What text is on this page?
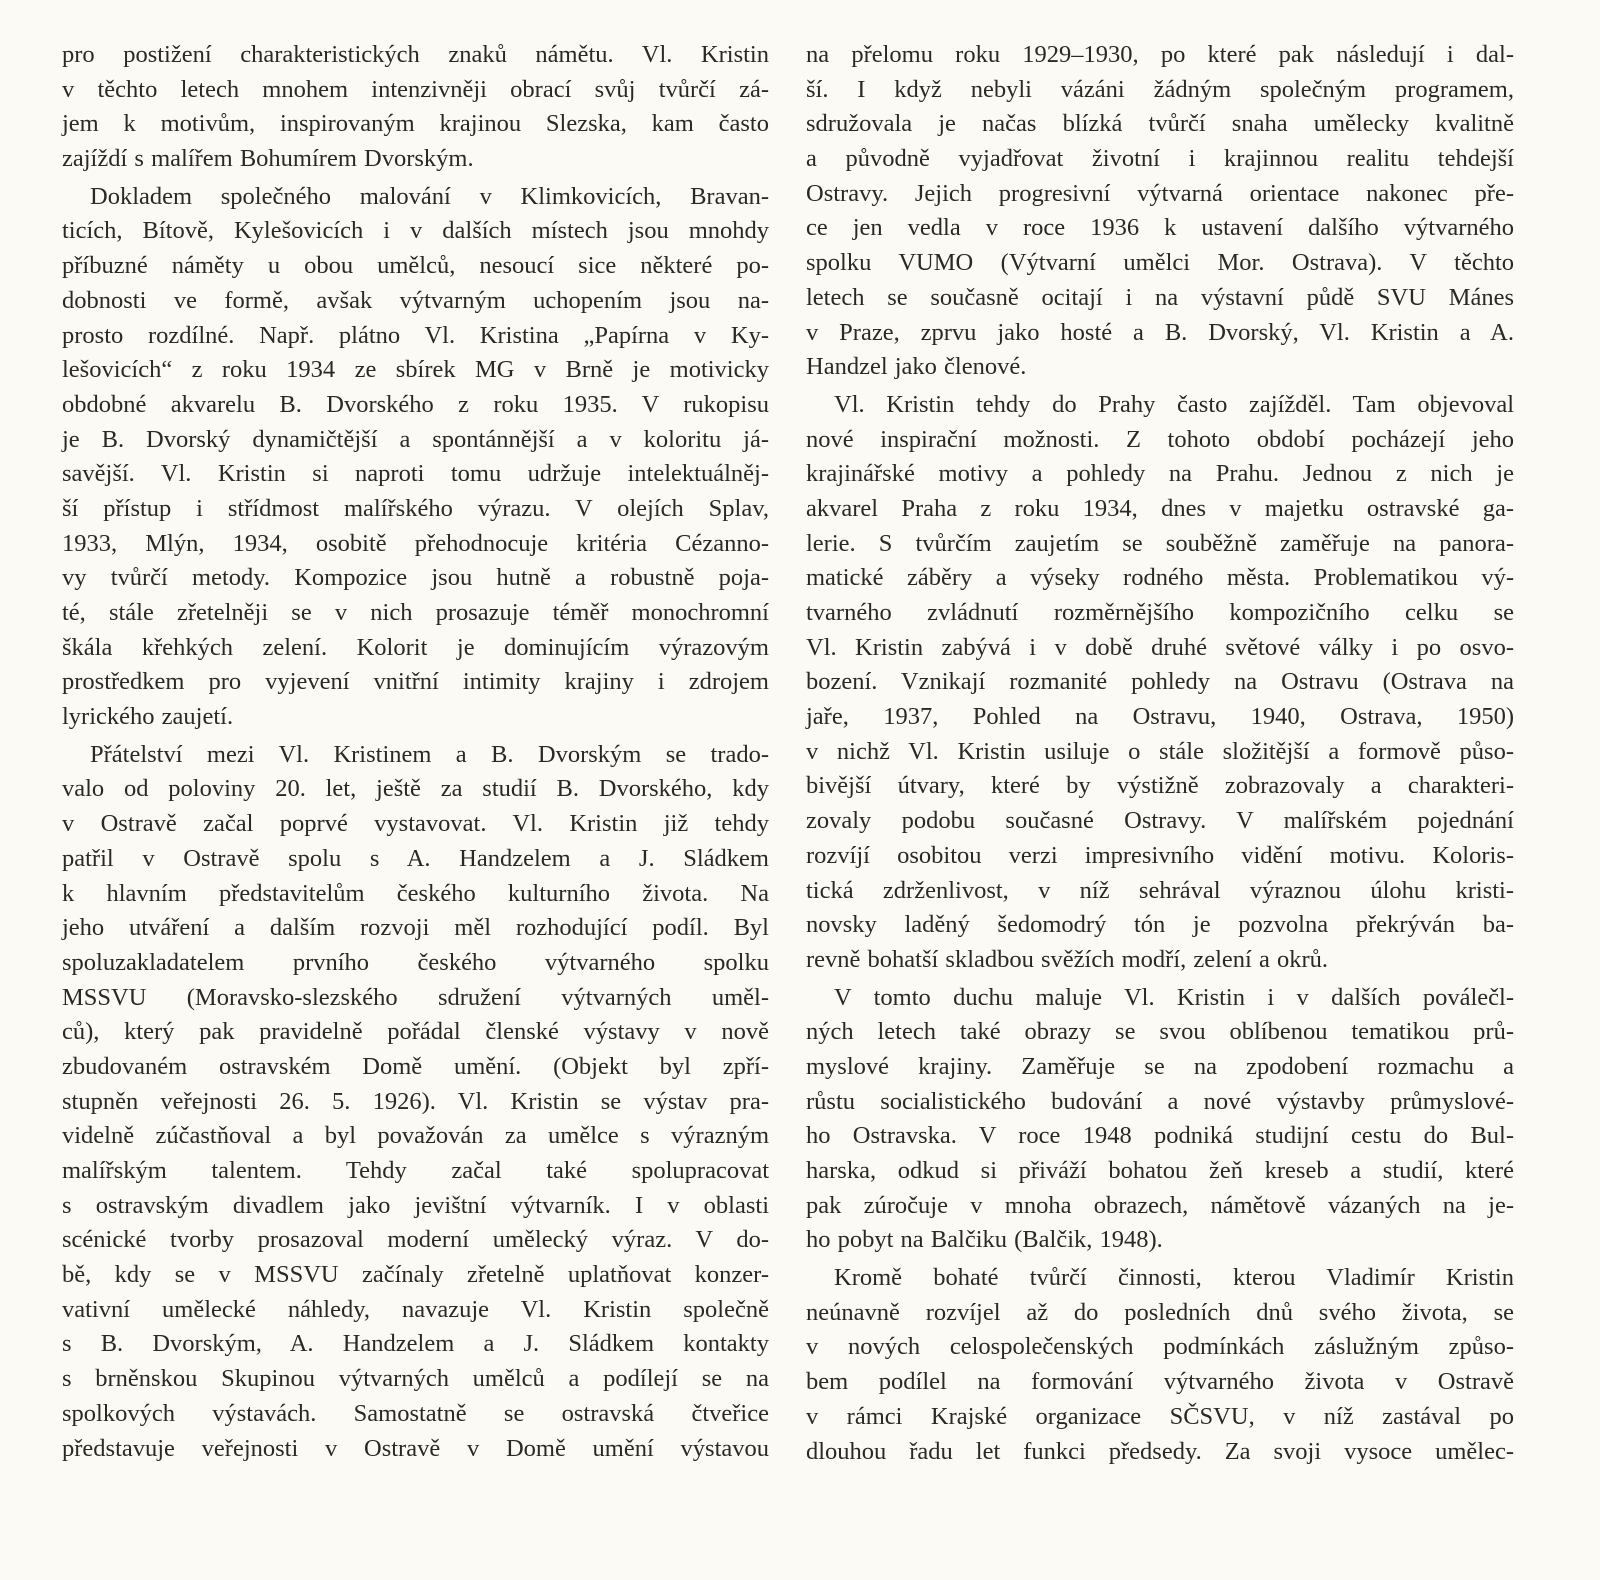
pro postižení charakteristických znaků námětu. Vl. Kristin
v těchto letech mnohem intenzivněji obrací svůj tvůrčí zá-
jem k motivům, inspirovaným krajinou Slezska, kam často
zajíždí s malířem Bohumírem Dvorským.
Dokladem společného malování v Klimkovicích, Bravan-
ticích, Bítově, Kylešovicích i v dalších místech jsou mnohdy
příbuzné náměty u obou umělců, nesoucí sice některé po-
dobnosti ve formě, avšak výtvarným uchopením jsou na-
prosto rozdílné. Např. plátno Vl. Kristina „Papírna v Ky-
lešovicích“ z roku 1934 ze sbírek MG v Brně je motivicky
obdobné akvarelu B. Dvorského z roku 1935. V rukopisu
je B. Dvorský dynamičtější a spontánnější a v koloritu já-
savější. Vl. Kristin si naproti tomu udržuje intelektuálněj-
ší přístup i střídmost malířského výrazu. V olejích Splav,
1933, Mlýn, 1934, osobitě přehodnocuje kritéria Cézanno-
vy tvůrčí metody. Kompozice jsou hutně a robustně poja-
té, stále zřetelněji se v nich prosazuje téměř monochromní
škála křehkých zelení. Kolorit je dominujícím výrazovým
prostředkem pro vyjevení vnitřní intimity krajiny i zdrojem
lyrického zaujetí.
Přátelství mezi Vl. Kristinem a B. Dvorským se trado-
valo od poloviny 20. let, ještě za studií B. Dvorského, kdy
v Ostravě začal poprvé vystavovat. Vl. Kristin již tehdy
patřil v Ostravě spolu s A. Handzelem a J. Sládkem
k hlavním představitelům českého kulturního života. Na
jeho utváření a dalším rozvoji měl rozhodující podíl. Byl
spoluzakladatelem prvního českého výtvarného spolku
MSSVU (Moravsko-slezského sdružení výtvarných uměl-
ců), který pak pravidelně pořádal členské výstavy v nově
zbudovaném ostravském Domě umění. (Objekt byl zpří-
stupněn veřejnosti 26. 5. 1926). Vl. Kristin se výstav pra-
videlně zúčastňoval a byl považován za umělce s výrazným
malířským talentem. Tehdy začal také spolupracovat
s ostravským divadlem jako jevištní výtvarník. I v oblasti
scénické tvorby prosazoval moderní umělecký výraz. V do-
bě, kdy se v MSSVU začínaly zřetelně uplatňovat konzer-
vativní umělecké náhledy, navazuje Vl. Kristin společně
s B. Dvorským, A. Handzelem a J. Sládkem kontakty
s brněnskou Skupinou výtvarných umělců a podílejí se na
spolkových výstavách. Samostatně se ostravská čtveřice
představuje veřejnosti v Ostravě v Domě umění výstavou
na přelomu roku 1929–1930, po které pak následují i dal-
ší. I když nebyli vázáni žádným společným programem,
sdružovala je načas blízká tvůrčí snaha umělecky kvalitně
a původně vyjadřovat životní i krajinnou realitu tehdejší
Ostravy. Jejich progresivní výtvarná orientace nakonec pře-
ce jen vedla v roce 1936 k ustavení dalšího výtvarného
spolku VUMO (Výtvarní umělci Mor. Ostrava). V těchto
letech se současně ocitají i na výstavní půdě SVU Mánes
v Praze, zprvu jako hosté a B. Dvorský, Vl. Kristin a A.
Handzel jako členové.
Vl. Kristin tehdy do Prahy často zajížděl. Tam objevoval
nové inspirační možnosti. Z tohoto období pocházejí jeho
krajinářské motivy a pohledy na Prahu. Jednou z nich je
akvarel Praha z roku 1934, dnes v majetku ostravské ga-
lerie. S tvůrčím zaujetím se souběžně zaměřuje na panora-
matické záběry a výseky rodného města. Problematikou vý-
tvarného zvládnutí rozměrnějšího kompozičního celku se
Vl. Kristin zabývá i v době druhé světové války i po osvo-
bození. Vznikají rozmanité pohledy na Ostravu (Ostrava na
jaře, 1937, Pohled na Ostravu, 1940, Ostrava, 1950)
v nichž Vl. Kristin usiluje o stále složitější a formově půso-
bivější útvary, které by výstižně zobrazovaly a charakteri-
zovaly podobu současné Ostravy. V malířském pojednání
rozvíjí osobitou verzi impresivního vidění motivu. Koloris-
tická zdrženlivost, v níž sehrával výraznou úlohu kristi-
novsky laděný šedomodrý tón je pozvolna překrýván ba-
revně bohatší skladbou svěžích modří, zelení a okrů.
V tomto duchu maluje Vl. Kristin i v dalších poválečl-
ných letech také obrazy se svou oblíbenou tematikou prů-
myslové krajiny. Zaměřuje se na zpodobení rozmachu a
růstu socialistického budování a nové výstavby průmyslové-
ho Ostravska. V roce 1948 podniká studijní cestu do Bul-
harska, odkud si přiváží bohatou žeň kreseb a studií, které
pak zúročuje v mnoha obrazech, námětově vázaných na je-
ho pobyt na Balčiku (Balčik, 1948).
Kromě bohaté tvůrčí činnosti, kterou Vladimír Kristin
neúnavně rozvíjel až do posledních dnů svého života, se
v nových celospolečenských podmínkách záslužným způso-
bem podílel na formování výtvarného života v Ostravě
v rámci Krajské organizace SČSVU, v níž zastával po
dlouhou řadu let funkci předsedy. Za svoji vysoce umělec-
